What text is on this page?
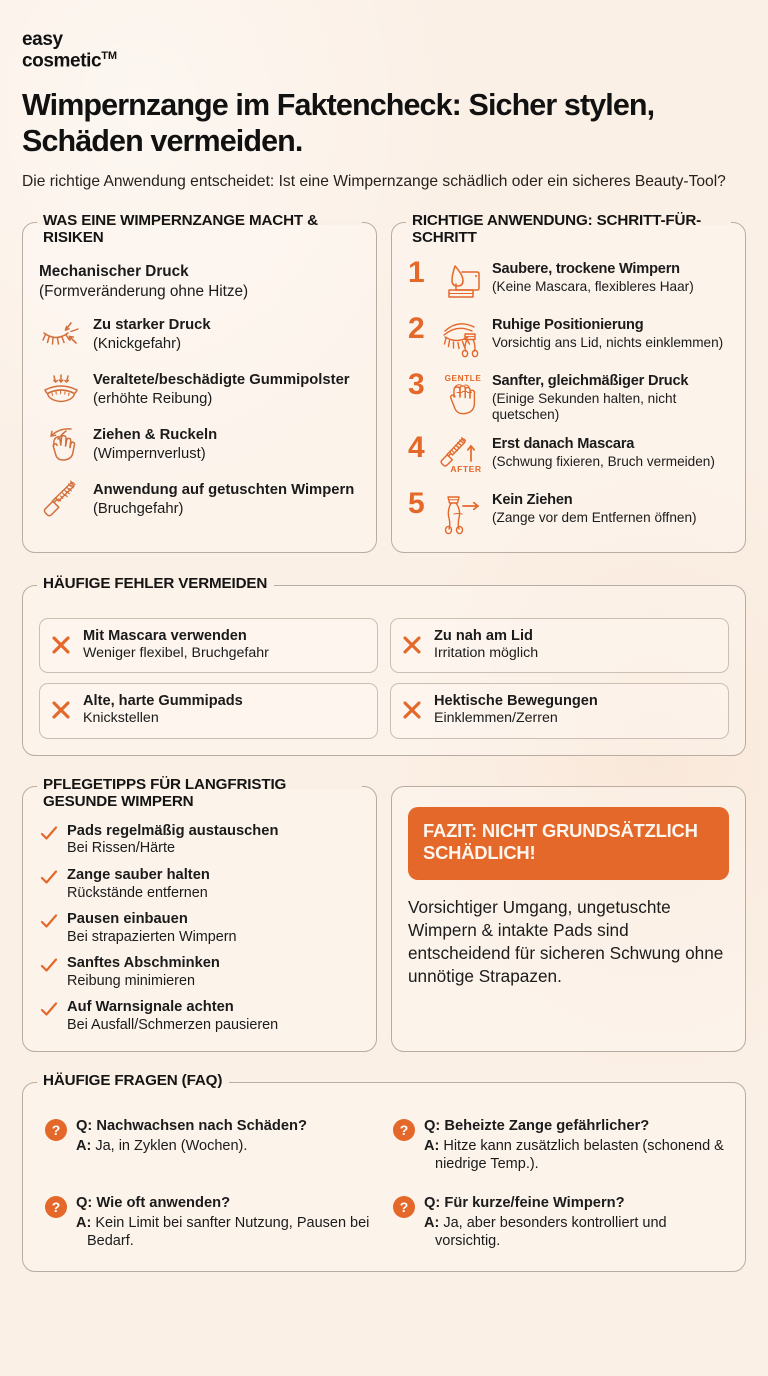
easy
cosmetic™
Wimpernzange im Faktencheck: Sicher stylen, Schäden vermeiden.

Die richtige Anwendung entscheidet: Ist eine Wimpernzange schädlich oder ein sicheres Beauty-Tool?

WAS EINE WIMPERNZANGE MACHT & RISIKEN
Mechanischer Druck
(Formveränderung ohne Hitze)
Zu starker Druck
(Knickgefahr)
Veraltete/beschädigte Gummipolster (erhöhte Reibung)
Ziehen & Ruckeln
(Wimpernverlust)
Anwendung auf getuschten Wimpern (Bruchgefahr)
RICHTIGE ANWENDUNG: SCHRITT-FÜR-SCHRITT
1	Saubere, trockene Wimpern
(Keine Mascara, flexibleres Haar)
2	Ruhige Positionierung
Vorsichtig ans Lid, nichts einklemmen)
3	GENTLE Sanfter, gleichmäßiger Druck
(Einige Sekunden halten, nicht quetschen)
4
AFTER
Erst danach Mascara
(Schwung fixieren, Bruch vermeiden)
5	Kein Ziehen
(Zange vor dem Entfernen öffnen)
HÄUFIGE FEHLER VERMEIDEN
Mit Mascara verwenden
Weniger flexibel, Bruchgefahr
Zu nah am Lid
Irritation möglich
Alte, harte Gummipads
Knickstellen
Hektische Bewegungen
Einklemmen/Zerren
PFLEGETIPPS FÜR LANGFRISTIG GESUNDE WIMPERN
Pads regelmäßig austauschen
Bei Rissen/Härte
Zange sauber halten
Rückstände entfernen
Pausen einbauen
Bei strapazierten Wimpern
Sanftes Abschminken
Reibung minimieren
Auf Warnsignale achten
Bei Ausfall/Schmerzen pausieren
FAZIT: NICHT GRUNDSÄTZLICH SCHÄDLICH!
Vorsichtiger Umgang, ungetuschte Wimpern & intakte Pads sind entscheidend für sicheren Schwung ohne unnötige Strapazen.
HÄUFIGE FRAGEN (FAQ)
?	Q: Nachwachsen nach Schäden?
A: Ja, in Zyklen (Wochen).
?	Q: Beheizte Zange gefährlicher?
A: Hitze kann zusätzlich belasten (schonend & niedrige Temp.).
?	Q: Wie oft anwenden?
A: Kein Limit bei sanfter Nutzung, Pausen bei Bedarf.
?	Q: Für kurze/feine Wimpern?
A: Ja, aber besonders kontrolliert und vorsichtig.
